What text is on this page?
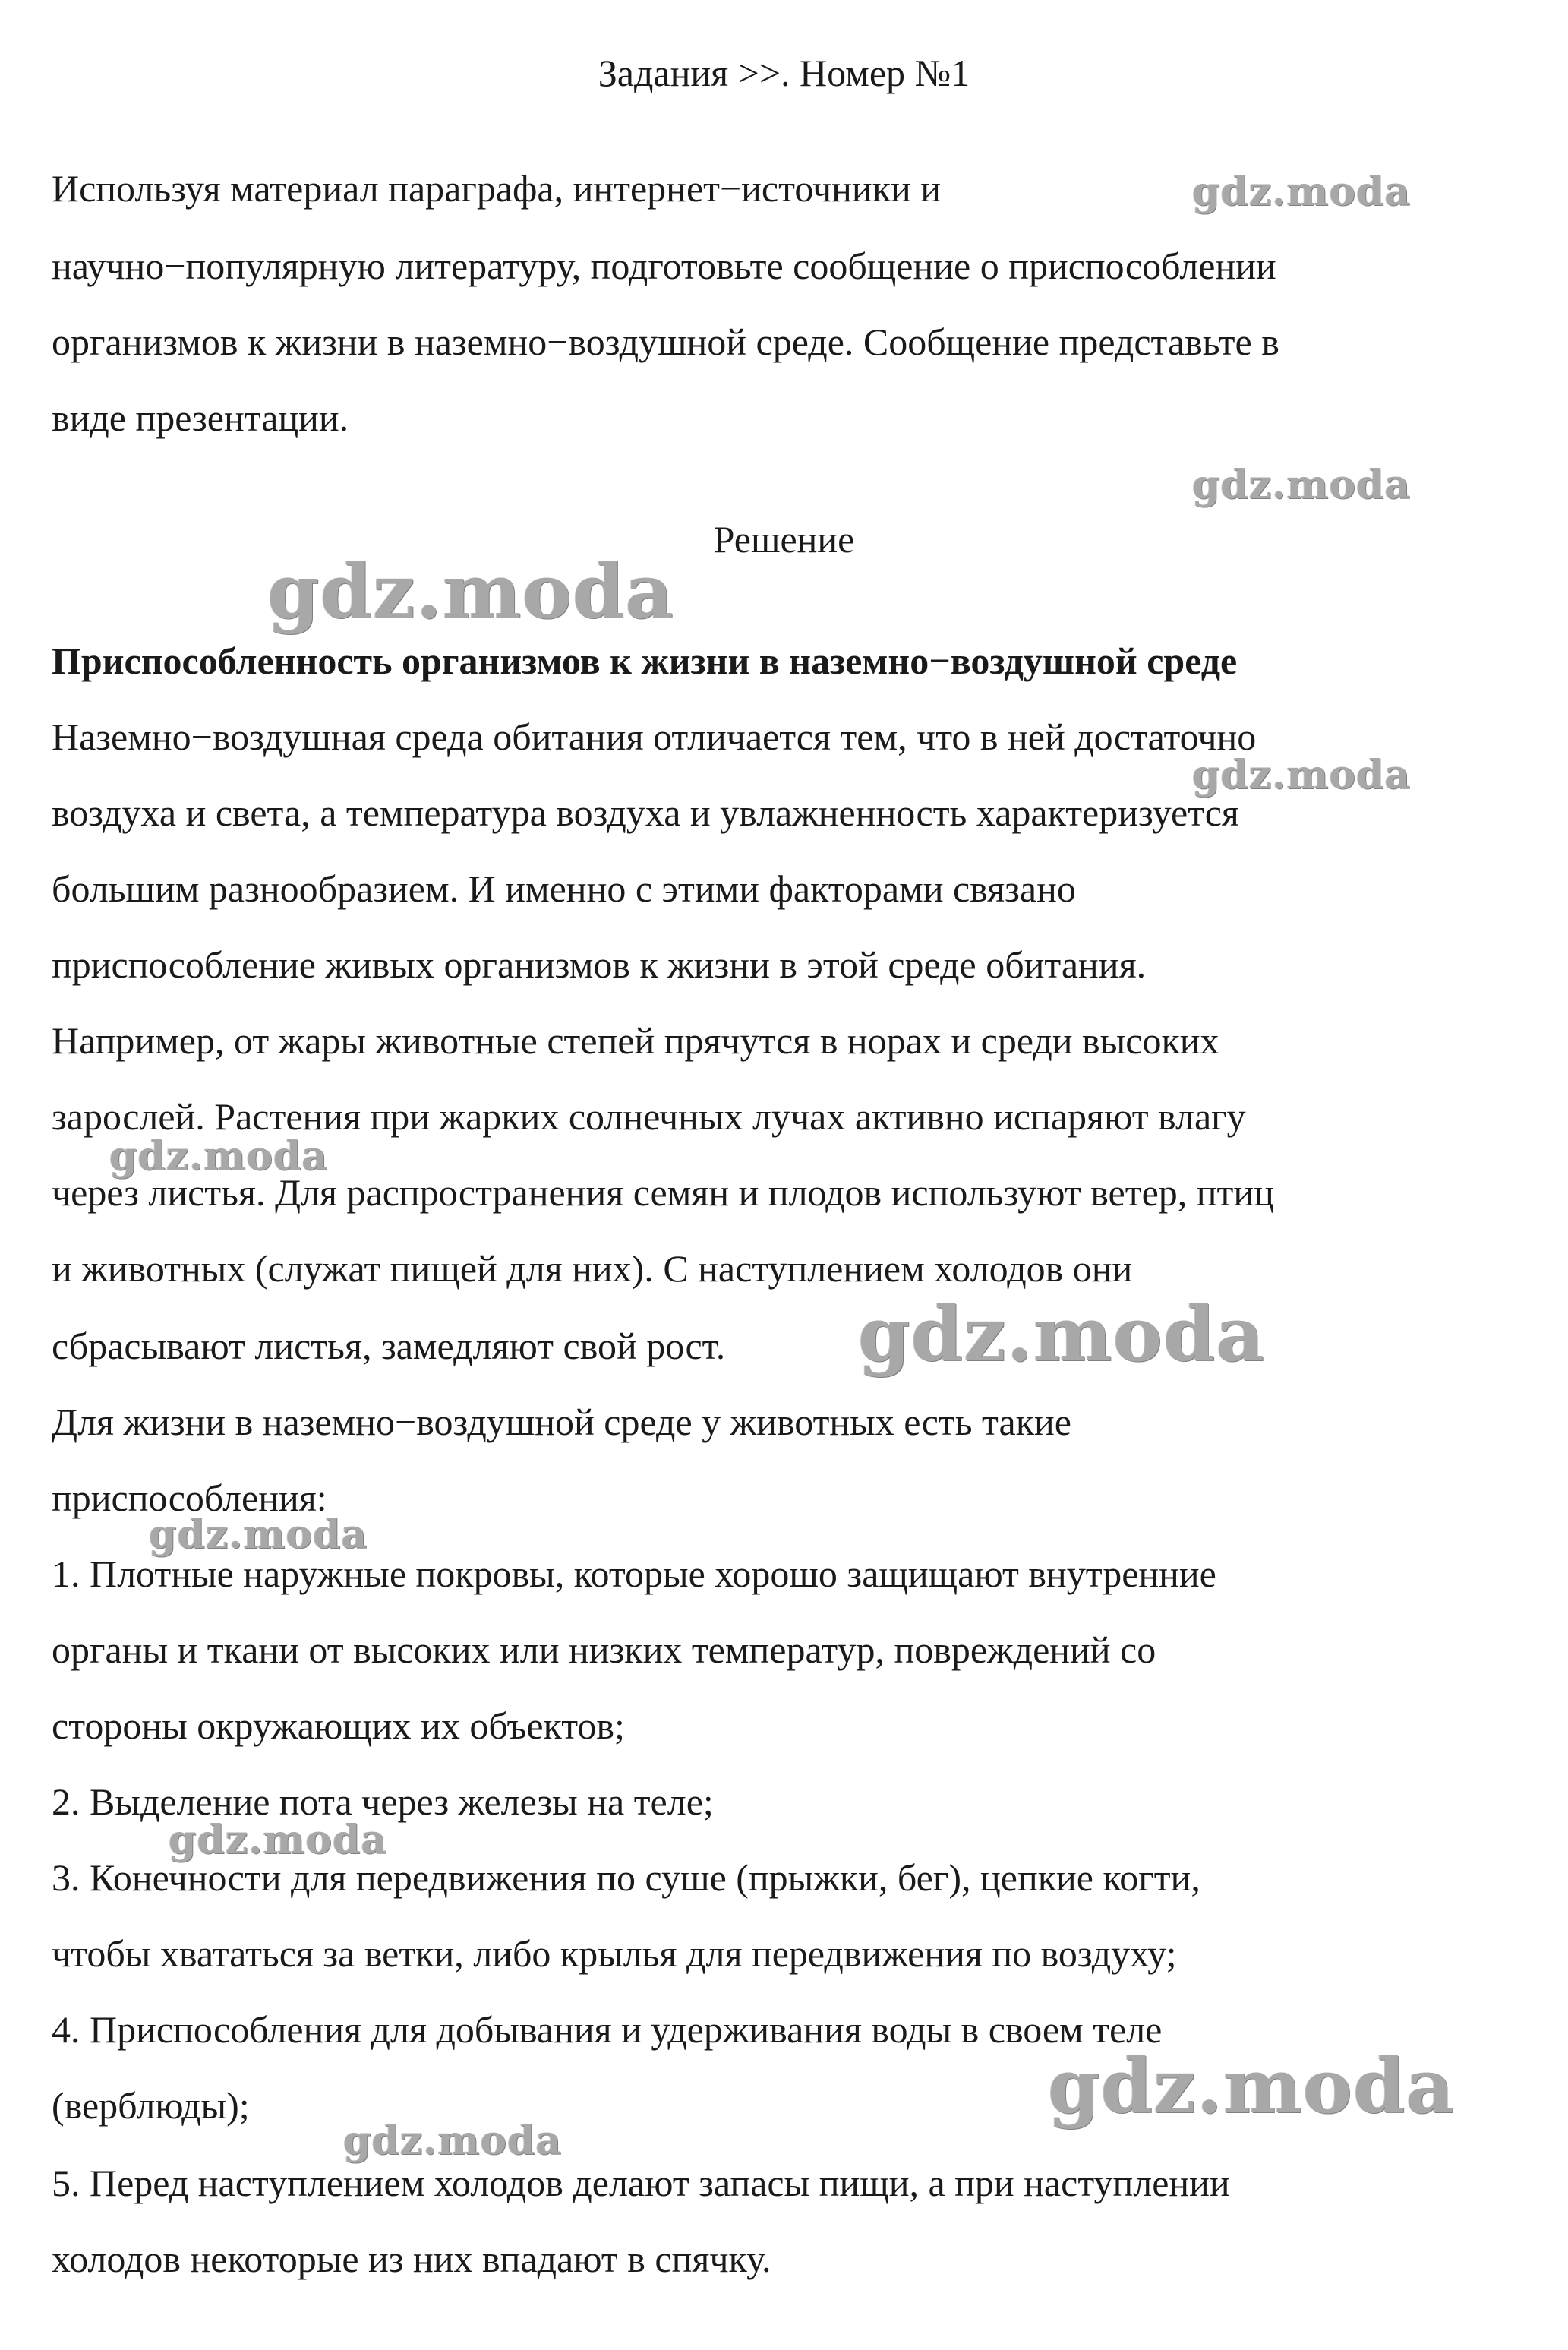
Задания >>. Номер №1
Используя материал параграфа, интернет−источники и
научно−популярную литературу, подготовьте сообщение о приспособлении
организмов к жизни в наземно−воздушной среде. Сообщение представьте в
виде презентации.
Решение
Приспособленность организмов к жизни в наземно−воздушной среде
Наземно−воздушная среда обитания отличается тем, что в ней достаточно
воздуха и света, а температура воздуха и увлажненность характеризуется
большим разнообразием. И именно с этими факторами связано
приспособление живых организмов к жизни в этой среде обитания.
Например, от жары животные степей прячутся в норах и среди высоких
зарослей. Растения при жарких солнечных лучах активно испаряют влагу
через листья. Для распространения семян и плодов используют ветер, птиц
и животных (служат пищей для них). С наступлением холодов они
сбрасывают листья, замедляют свой рост.
Для жизни в наземно−воздушной среде у животных есть такие
приспособления:
1. Плотные наружные покровы, которые хорошо защищают внутренние
органы и ткани от высоких или низких температур, повреждений со
стороны окружающих их объектов;
2. Выделение пота через железы на теле;
3. Конечности для передвижения по суше (прыжки, бег), цепкие когти,
чтобы хвататься за ветки, либо крылья для передвижения по воздуху;
4. Приспособления для добывания и удерживания воды в своем теле
(верблюды);
5. Перед наступлением холодов делают запасы пищи, а при наступлении
холодов некоторые из них впадают в спячку.
gdz.moda
gdz.moda
gdz.moda
gdz.moda
gdz.moda
gdz.moda
gdz.moda
gdz.moda
gdz.moda
gdz.moda
